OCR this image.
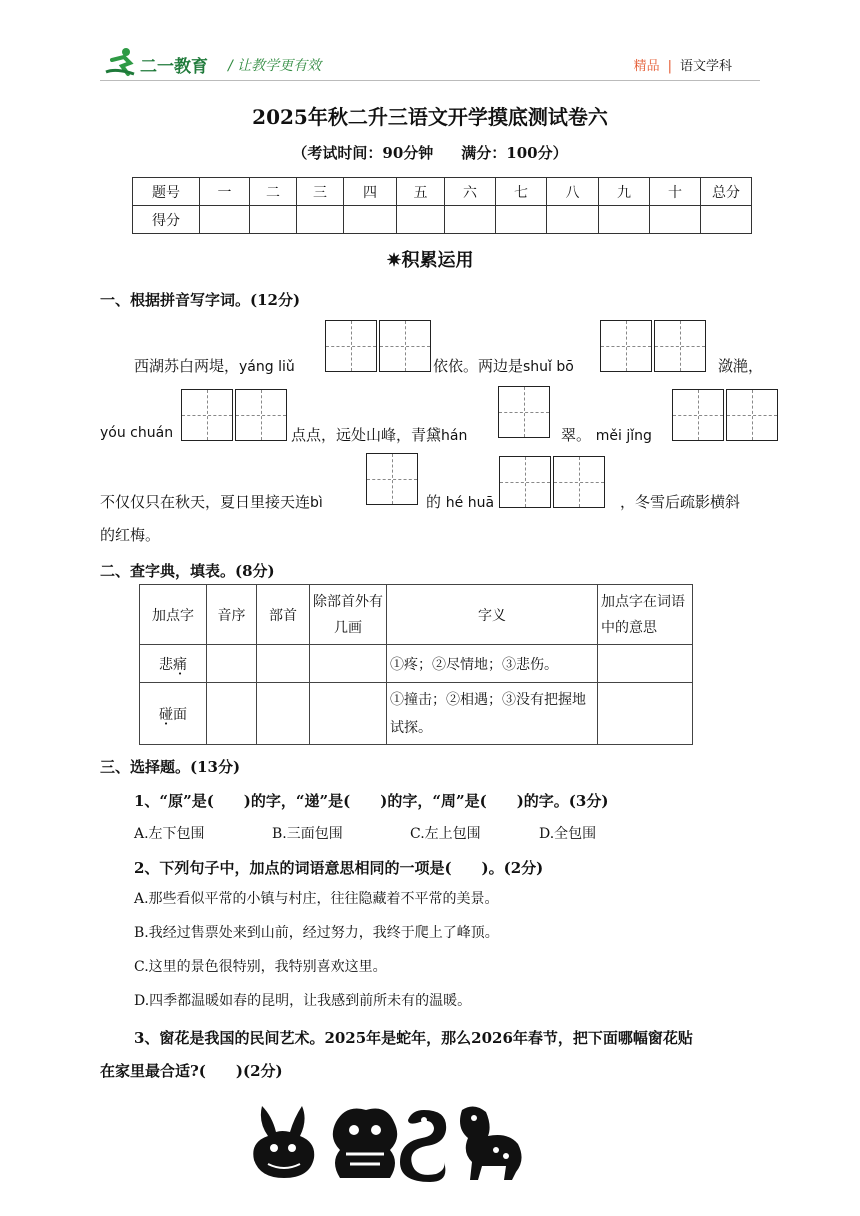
二一教育 / 让教学更有效	精品 | 语文学科
2025年秋二升三语文开学摸底测试卷六
（考试时间：90分钟 满分：100分）
题号	一	二	三	四	五	六	七	八	九	十	总分
得分											
✷积累运用
一、根据拼音写字词。(12分)
西湖苏白两堤，yáng liǔ	依依。两边是shuǐ bō	潋滟，
yóu chuán	点点，远处山峰，青黛hán	翠。 měi jǐng
不仅仅只在秋天，夏日里接天连bì	的 hé huā	，冬雪后疏影横斜
的红梅。
二、查字典，填表。(8分)
加点字	音序	部首	除部首外有几画	字义	加点字在词语中的意思
悲痛				①疼；②尽情地；③悲伤。	
碰面				①撞击；②相遇；③没有把握地试探。	
三、选择题。(13分)
1、“原”是(　　)的字，“递”是(　　)的字，“周”是(　　)的字。(3分)
A.左下包围	B.三面包围	C.左上包围	D.全包围
2、下列句子中，加点的词语意思相同的一项是(　　)。(2分)
A.那些看似平常的小镇与村庄，往往隐藏着不平常的美景。
B.我经过售票处来到山前，经过努力，我终于爬上了峰顶。
C.这里的景色很特别，我特别喜欢这里。
D.四季都温暖如春的昆明，让我感到前所未有的温暖。
3、窗花是我国的民间艺术。2025年是蛇年，那么2026年春节，把下面哪幅窗花贴
在家里最合适?(　　)(2分)
